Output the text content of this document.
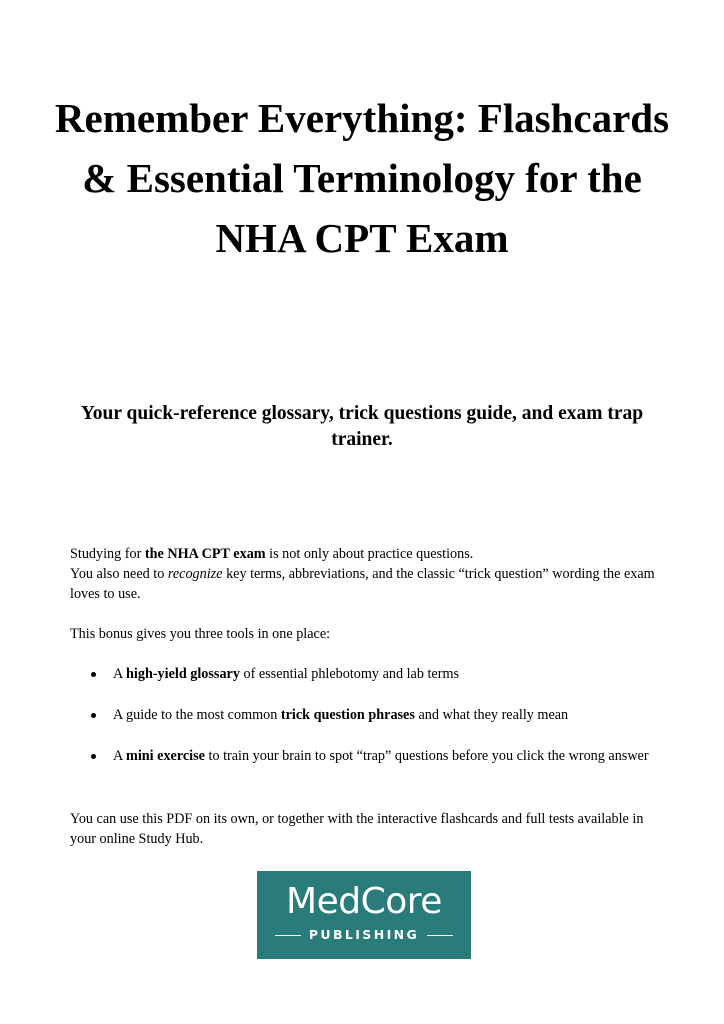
Remember Everything: Flashcards & Essential Terminology for the NHA CPT Exam

Your quick-reference glossary, trick questions guide, and exam trap trainer.

Studying for the NHA CPT exam is not only about practice questions.
You also need to recognize key terms, abbreviations, and the classic “trick question” wording the exam loves to use.

This bonus gives you three tools in one place:

A high-yield glossary of essential phlebotomy and lab terms
A guide to the most common trick question phrases and what they really mean
A mini exercise to train your brain to spot “trap” questions before you click the wrong answer

You can use this PDF on its own, or together with the interactive flashcards and full tests available in your online Study Hub.

MedCore
PUBLISHING
